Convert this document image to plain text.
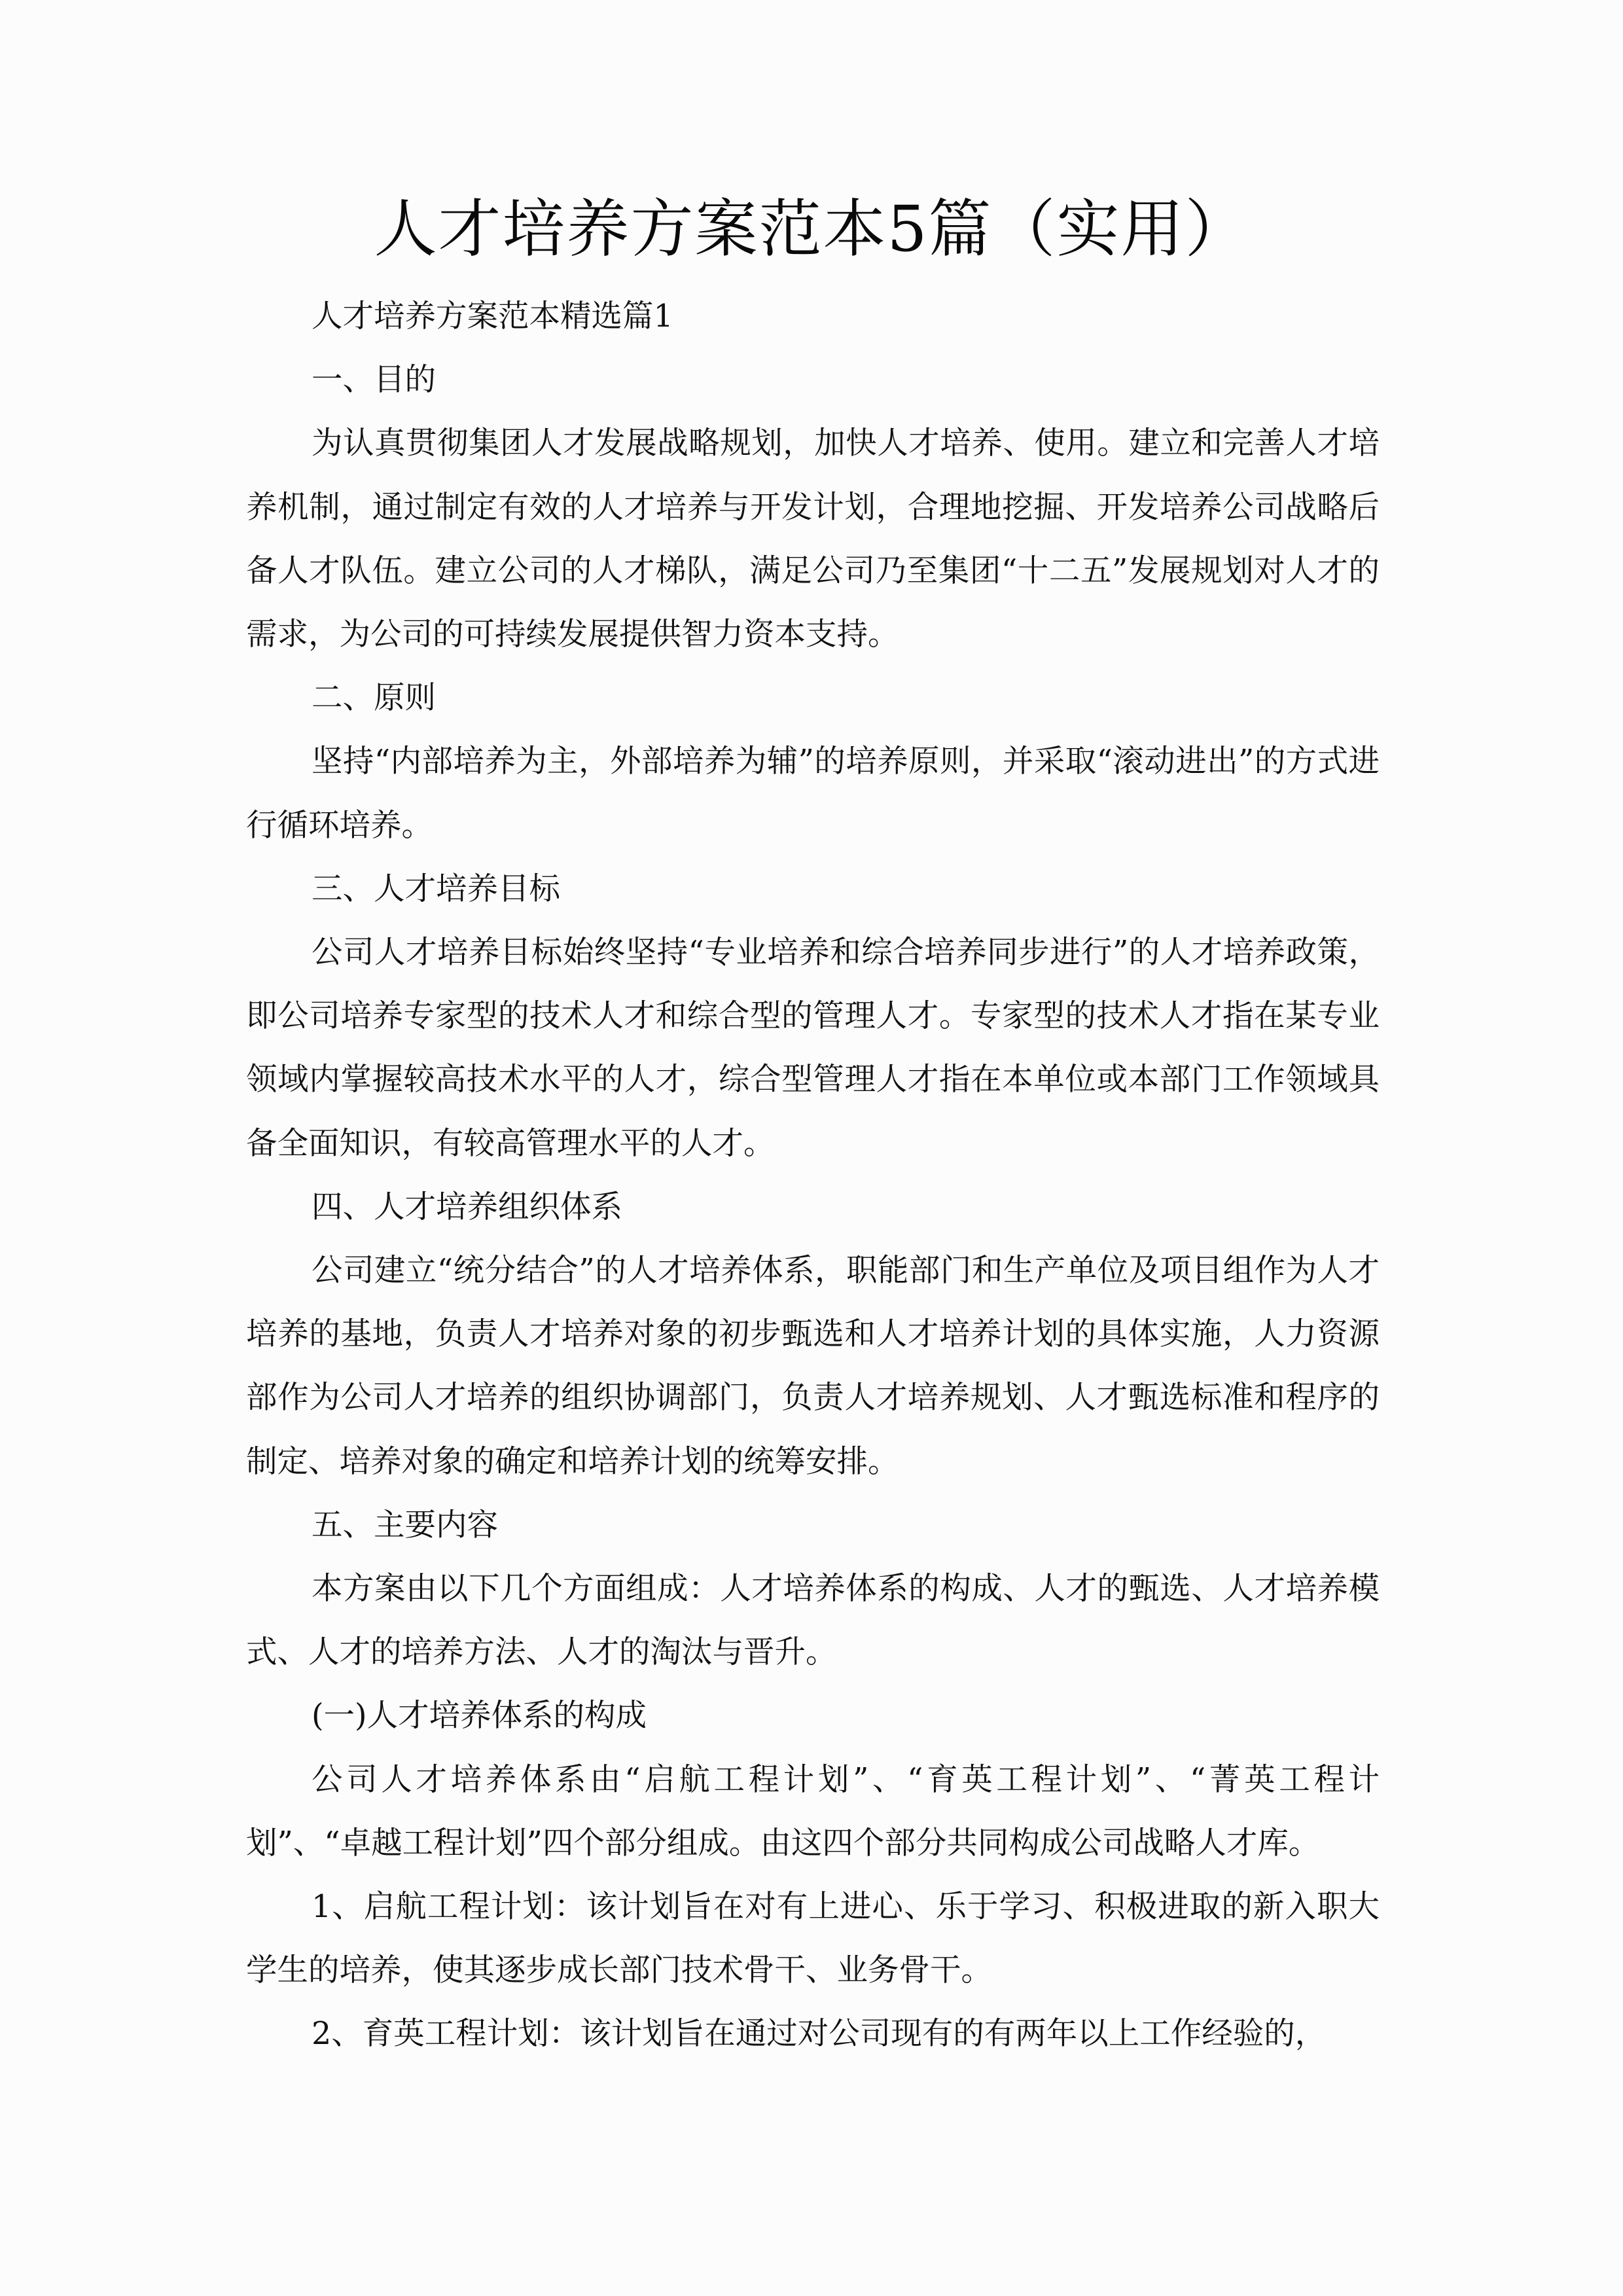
人才培养方案范本5篇（实用）

人才培养方案范本精选篇1

一、目的

为认真贯彻集团人才发展战略规划，加快人才培养、使用。建立和完善人才培养机制，通过制定有效的人才培养与开发计划，合理地挖掘、开发培养公司战略后备人才队伍。建立公司的人才梯队，满足公司乃至集团“十二五”发展规划对人才的需求，为公司的可持续发展提供智力资本支持。

二、原则

坚持“内部培养为主，外部培养为辅”的培养原则，并采取“滚动进出”的方式进行循环培养。

三、人才培养目标

公司人才培养目标始终坚持“专业培养和综合培养同步进行”的人才培养政策，即公司培养专家型的技术人才和综合型的管理人才。专家型的技术人才指在某专业领域内掌握较高技术水平的人才，综合型管理人才指在本单位或本部门工作领域具备全面知识，有较高管理水平的人才。

四、人才培养组织体系

公司建立“统分结合”的人才培养体系，职能部门和生产单位及项目组作为人才培养的基地，负责人才培养对象的初步甄选和人才培养计划的具体实施，人力资源部作为公司人才培养的组织协调部门，负责人才培养规划、人才甄选标准和程序的制定、培养对象的确定和培养计划的统筹安排。

五、主要内容

本方案由以下几个方面组成：人才培养体系的构成、人才的甄选、人才培养模式、人才的培养方法、人才的淘汰与晋升。

(一)人才培养体系的构成

公司人才培养体系由“启航工程计划”、“育英工程计划”、“菁英工程计划”、“卓越工程计划”四个部分组成。由这四个部分共同构成公司战略人才库。

1、启航工程计划：该计划旨在对有上进心、乐于学习、积极进取的新入职大学生的培养，使其逐步成长部门技术骨干、业务骨干。

2、育英工程计划：该计划旨在通过对公司现有的有两年以上工作经验的，
